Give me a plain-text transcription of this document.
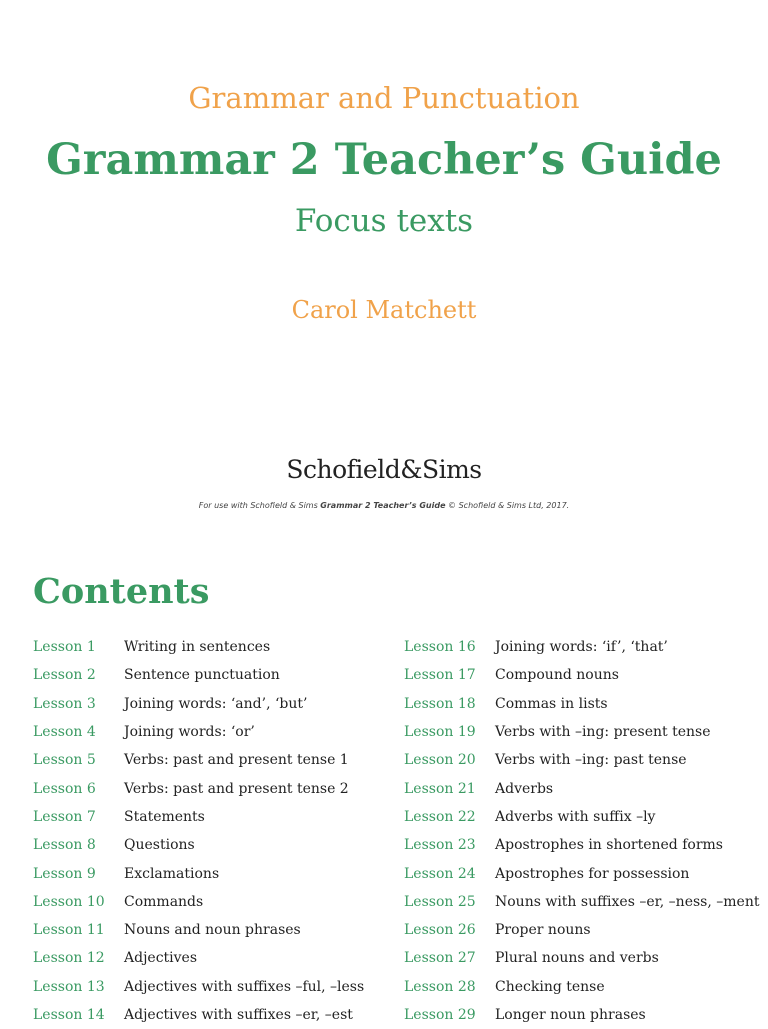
Grammar and Punctuation
Grammar 2 Teacher’s Guide
Focus texts
Carol Matchett
Schofield&Sims
For use with Schofield & Sims Grammar 2 Teacher’s Guide © Schofield & Sims Ltd, 2017.
Contents
Lesson 1	Writing in sentences
Lesson 2	Sentence punctuation
Lesson 3	Joining words: ‘and’, ‘but’
Lesson 4	Joining words: ‘or’
Lesson 5	Verbs: past and present tense 1
Lesson 6	Verbs: past and present tense 2
Lesson 7	Statements
Lesson 8	Questions
Lesson 9	Exclamations
Lesson 10	Commands
Lesson 11	Nouns and noun phrases
Lesson 12	Adjectives
Lesson 13	Adjectives with suffixes –ful, –less
Lesson 14	Adjectives with suffixes –er, –est
Lesson 16	Joining words: ‘if’, ‘that’
Lesson 17	Compound nouns
Lesson 18	Commas in lists
Lesson 19	Verbs with –ing: present tense
Lesson 20	Verbs with –ing: past tense
Lesson 21	Adverbs
Lesson 22	Adverbs with suffix –ly
Lesson 23	Apostrophes in shortened forms
Lesson 24	Apostrophes for possession
Lesson 25	Nouns with suffixes –er, –ness, –ment
Lesson 26	Proper nouns
Lesson 27	Plural nouns and verbs
Lesson 28	Checking tense
Lesson 29	Longer noun phrases
